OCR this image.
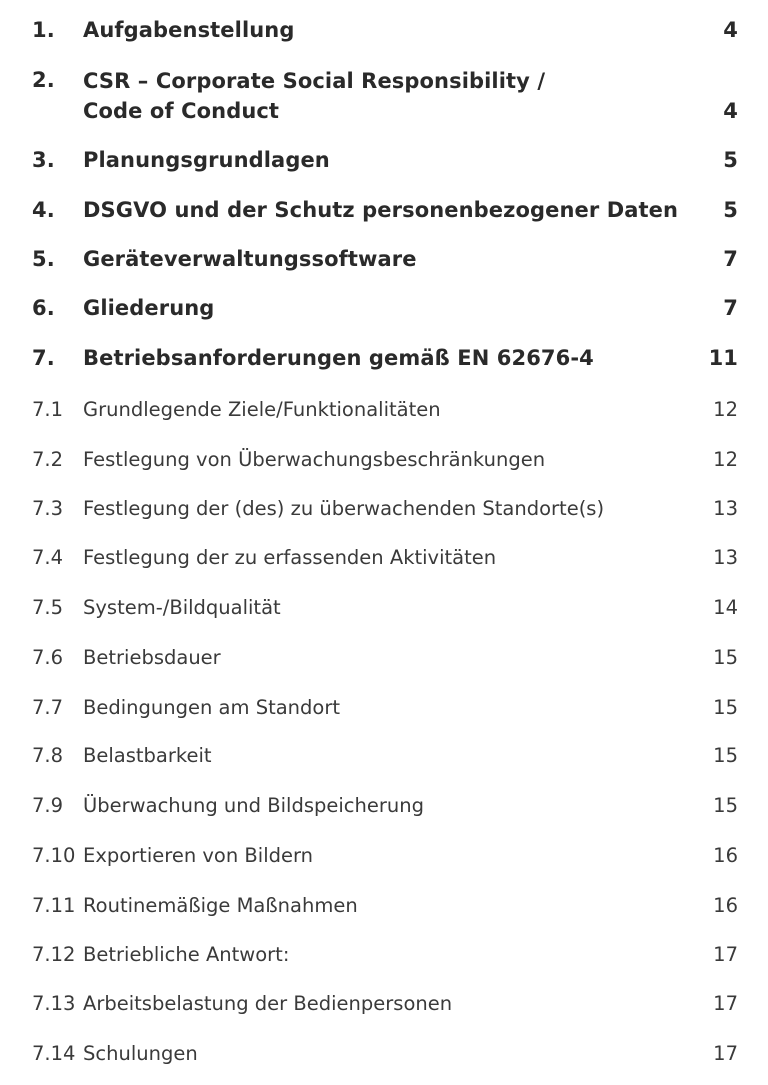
1. Aufgabenstellung	4
2. CSR – Corporate Social Responsibility /
Code of Conduct	4
3. Planungsgrundlagen	5
4. DSGVO und der Schutz personenbezogener Daten 5
5. Geräteverwaltungssoftware	7
6. Gliederung	7
7. Betriebsanforderungen gemäß EN 62676-4	11
7.1 Grundlegende Ziele/Funktionalitäten	12
7.2 Festlegung von Überwachungsbeschränkungen	12
7.3 Festlegung der (des) zu überwachenden Standorte(s)	13
7.4 Festlegung der zu erfassenden Aktivitäten	13
7.5 System-/Bildqualität	14
7.6 Betriebsdauer	15
7.7 Bedingungen am Standort	15
7.8 Belastbarkeit	15
7.9 Überwachung und Bildspeicherung	15
7.10 Exportieren von Bildern	16
7.11 Routinemäßige Maßnahmen	16
7.12 Betriebliche Antwort:	17
7.13 Arbeitsbelastung der Bedienpersonen	17
7.14 Schulungen	17
